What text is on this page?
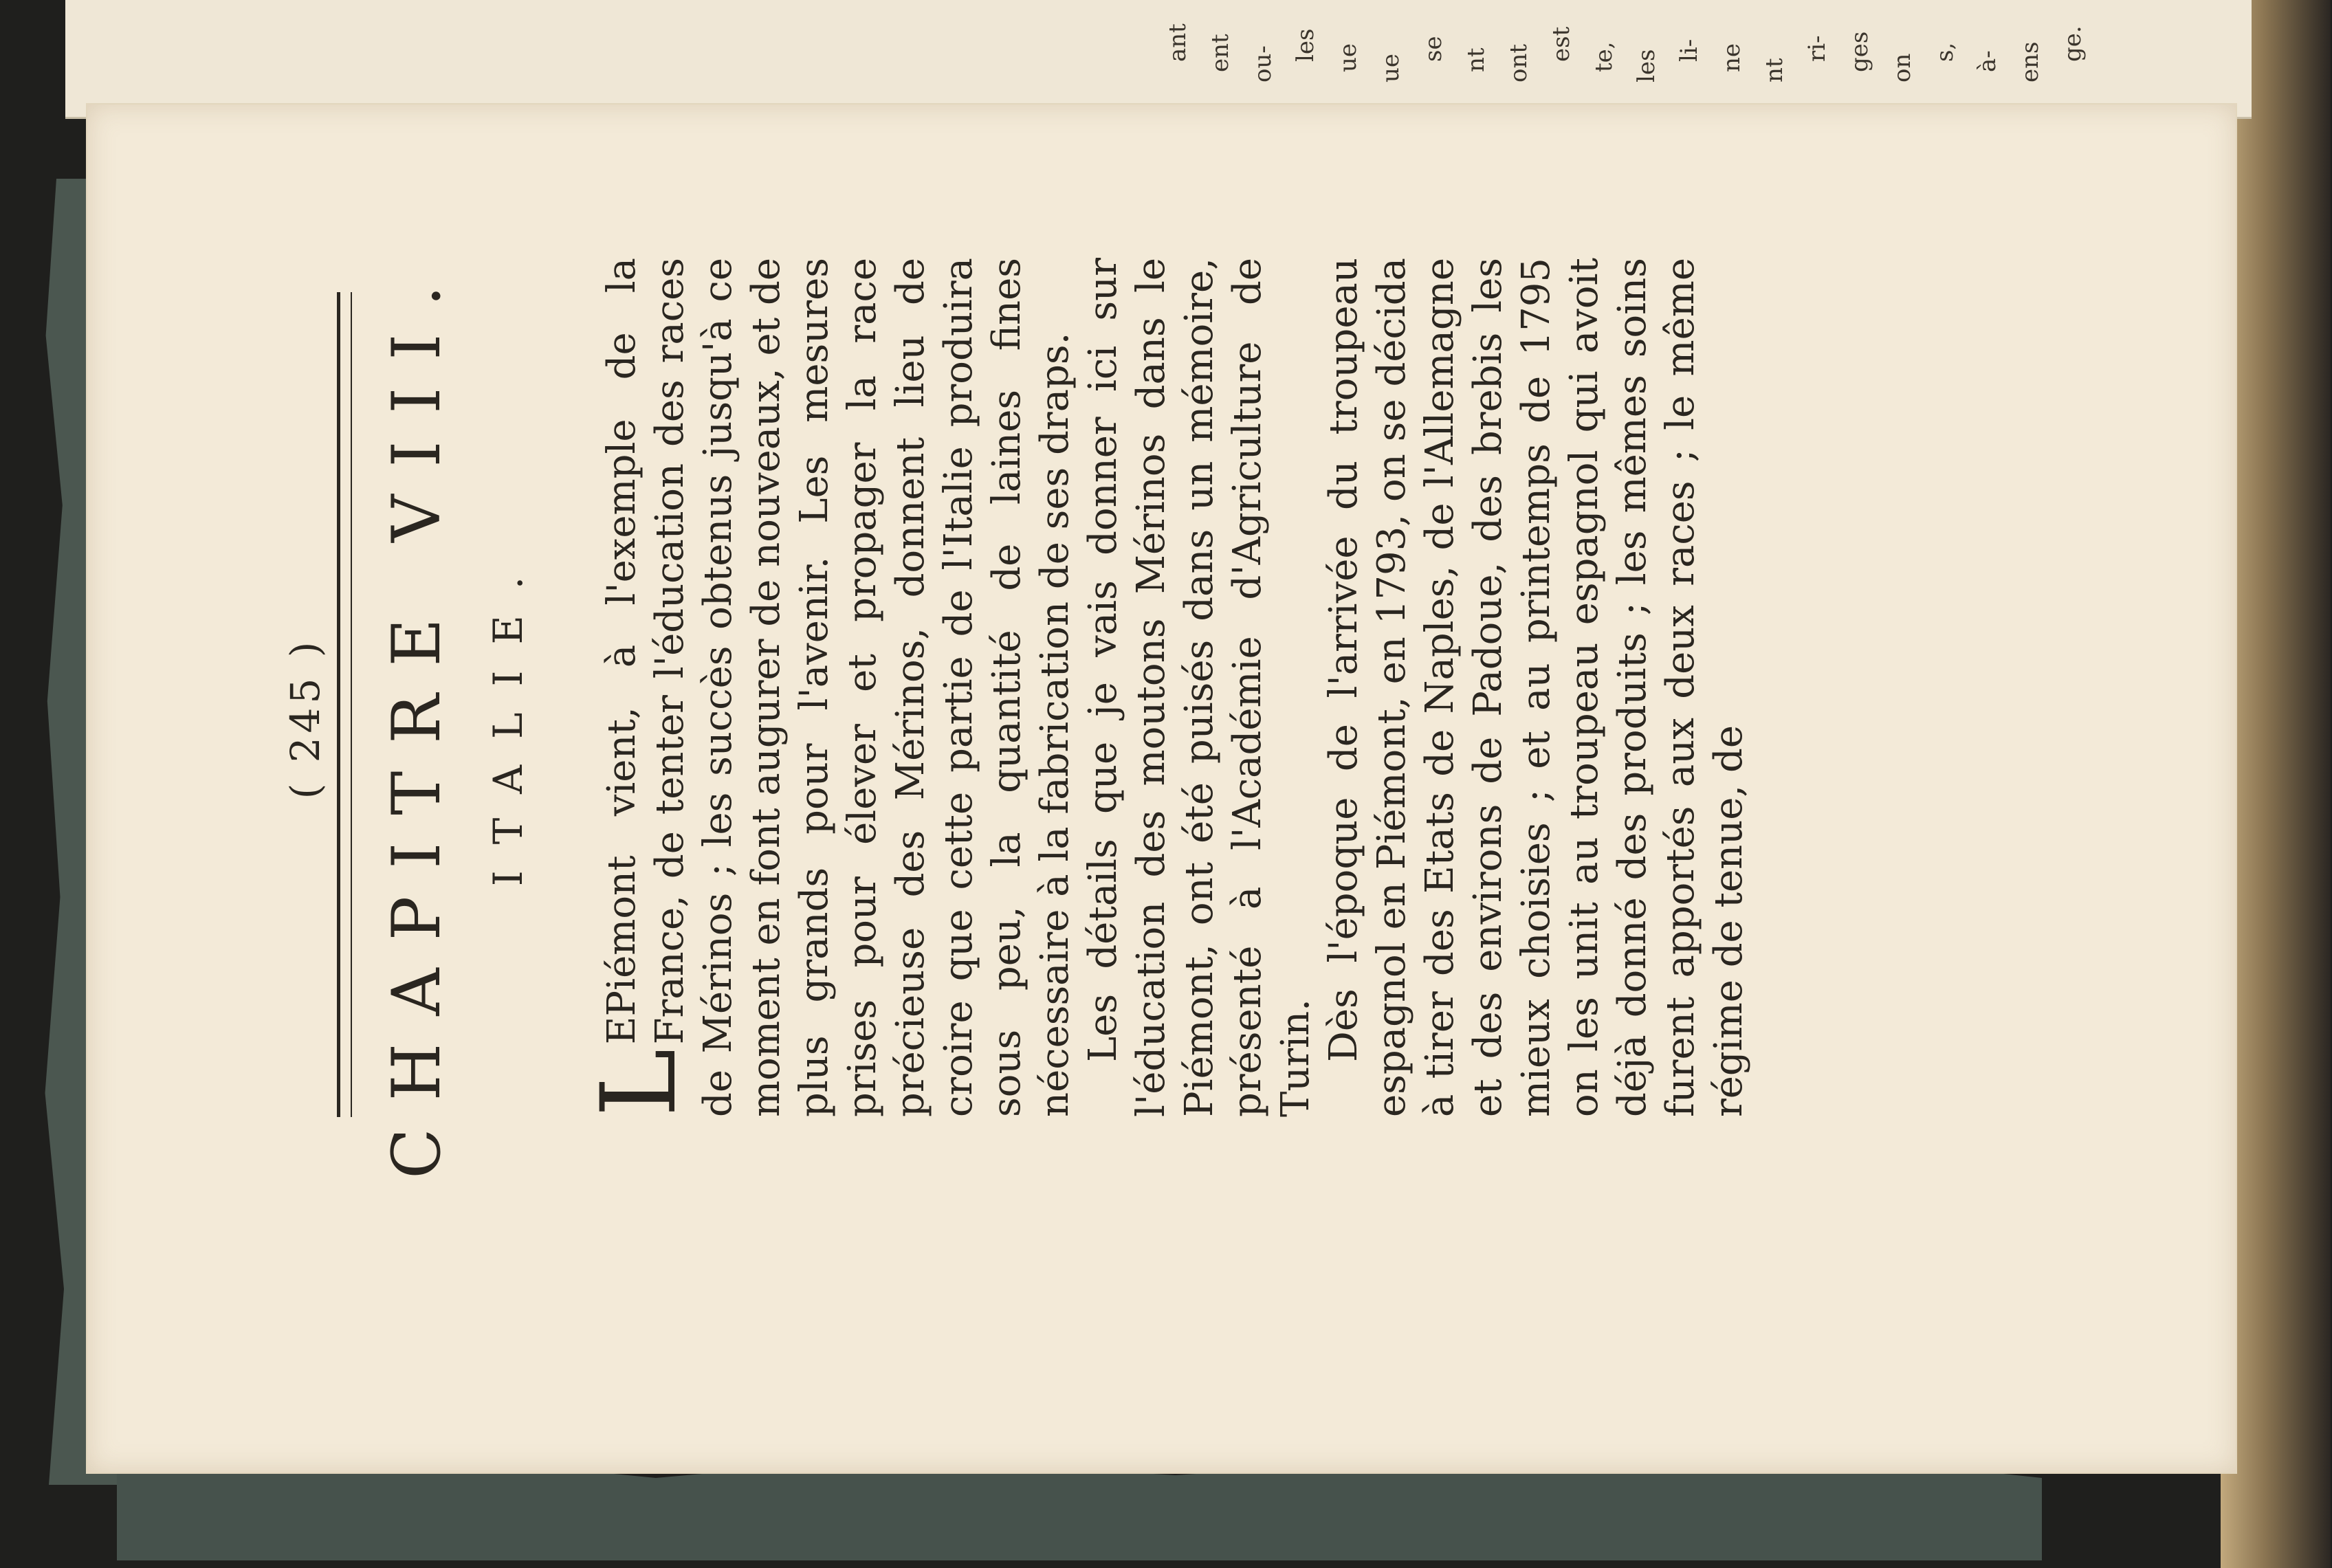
ge.
ens
à-
s,
on
ges
ri-
nt
ne
li-
les
te,
est
ont
nt
se
ue
ue
les
ou-
ent
ant
( 245 ) CHAPITRE VIII. ITALIE.

L
EPiémont vient, à l'exemple de la France, de tenter l'éducation des races de Mérinos ; les succès obtenus jusqu'à ce moment en font augurer de nouveaux, et de plus grands pour l'avenir. Les mesures prises pour élever et propager la race précieuse des Mérinos, donnent lieu de croire que cette partie de l'Italie produira sous peu, la quantité de laines fines nécessaire à la fabrication de ses draps. Les détails que je vais donner ici sur l'éducation des moutons Mérinos dans le Piémont, ont été puisés dans un mémoire, présenté à l'Académie d'Agriculture de Turin. Dès l'époque de l'arrivée du troupeau espagnol en Piémont, en 1793, on se décida à tirer des Etats de Naples, de l'Allemagne et des environs de Padoue, des brebis les mieux choisies ; et au printemps de 1795 on les unit au troupeau espagnol qui avoit déjà donné des produits ; les mêmes soins furent apportés aux deux races ; le même régime de tenue, de
